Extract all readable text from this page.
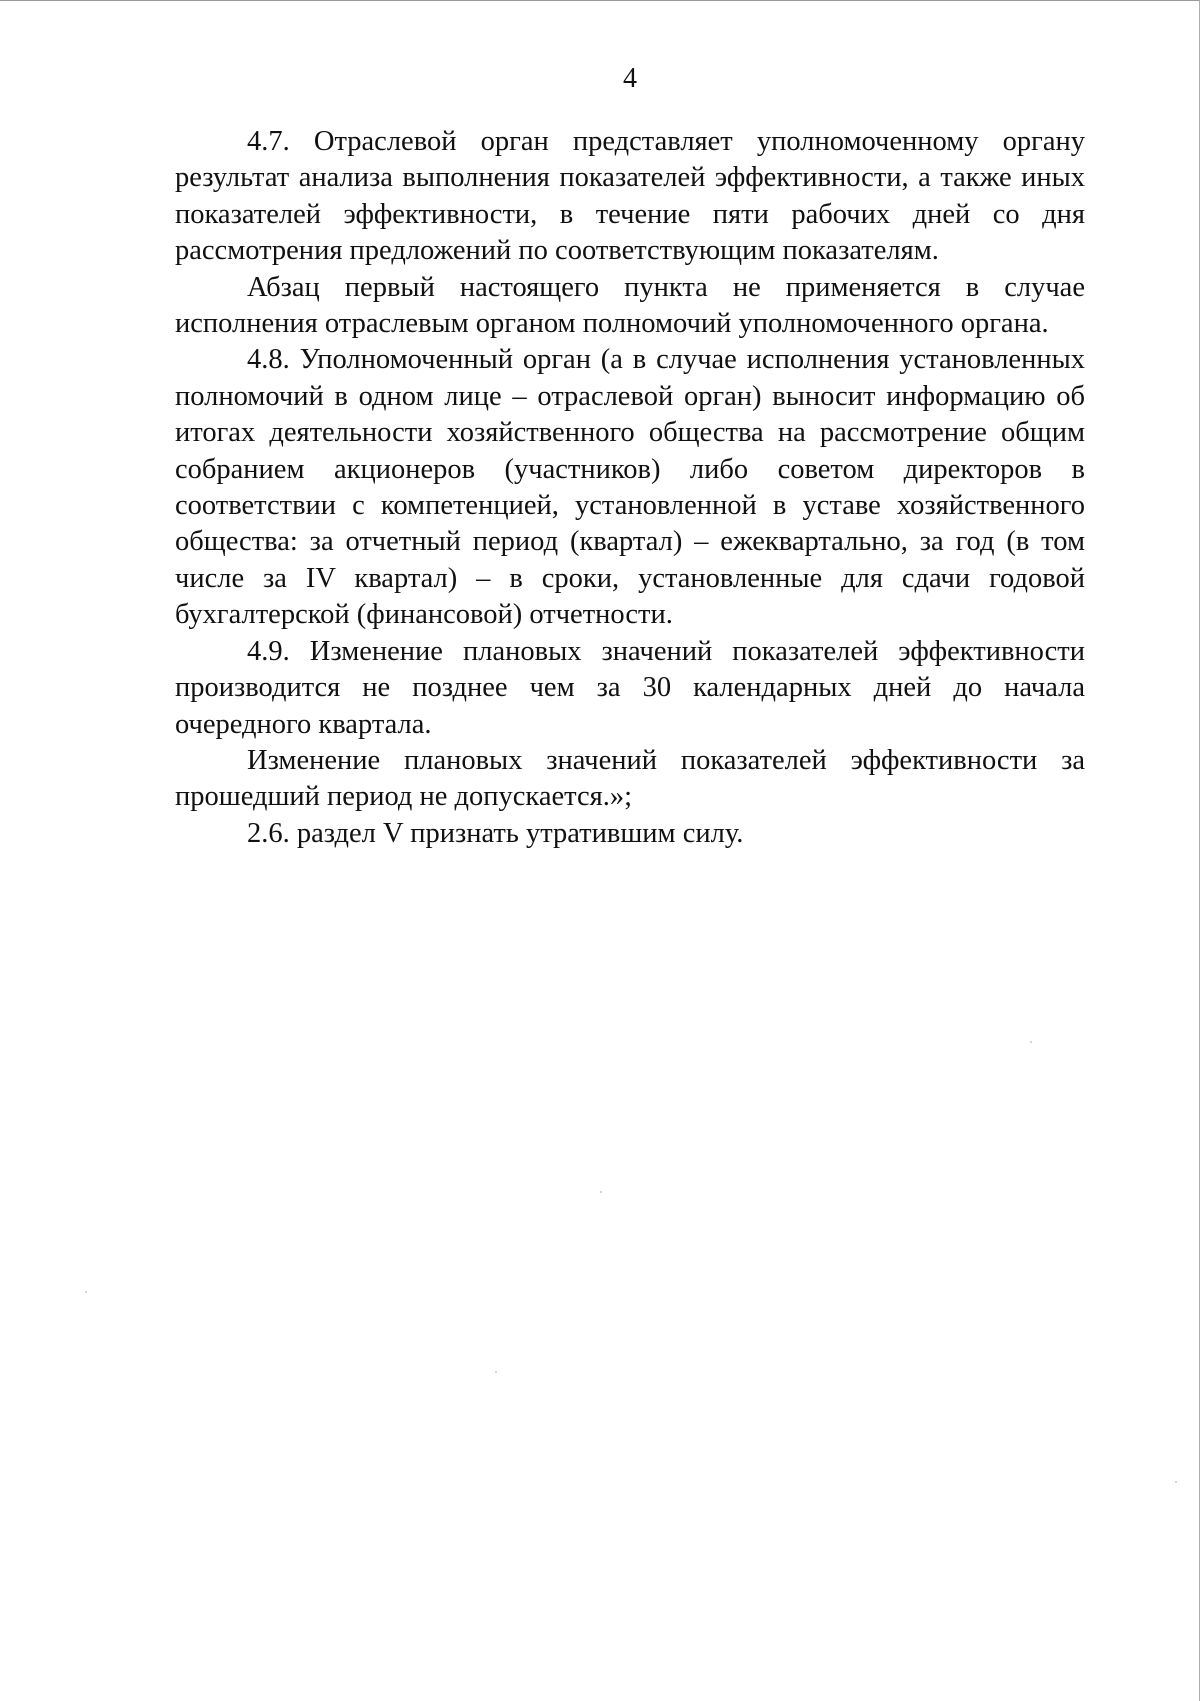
4

4.7. Отраслевой орган представляет уполномоченному органу результат анализа выполнения показателей эффективности, а также иных показателей эффективности, в течение пяти рабочих дней со дня рассмотрения предложений по соответствующим показателям.

Абзац первый настоящего пункта не применяется в случае исполнения отраслевым органом полномочий уполномоченного органа.

4.8. Уполномоченный орган (а в случае исполнения установленных полномочий в одном лице – отраслевой орган) выносит информацию об итогах деятельности хозяйственного общества на рассмотрение общим собранием акционеров (участников) либо советом директоров в соответствии с компетенцией, установленной в уставе хозяйственного общества: за отчетный период (квартал) – ежеквартально, за год (в том числе за IV квартал) – в сроки, установленные для сдачи годовой бухгалтерской (финансовой) отчетности.

4.9. Изменение плановых значений показателей эффективности производится не позднее чем за 30 календарных дней до начала очередного квартала.

Изменение плановых значений показателей эффективности за прошедший период не допускается.»;

2.6. раздел V признать утратившим силу.
